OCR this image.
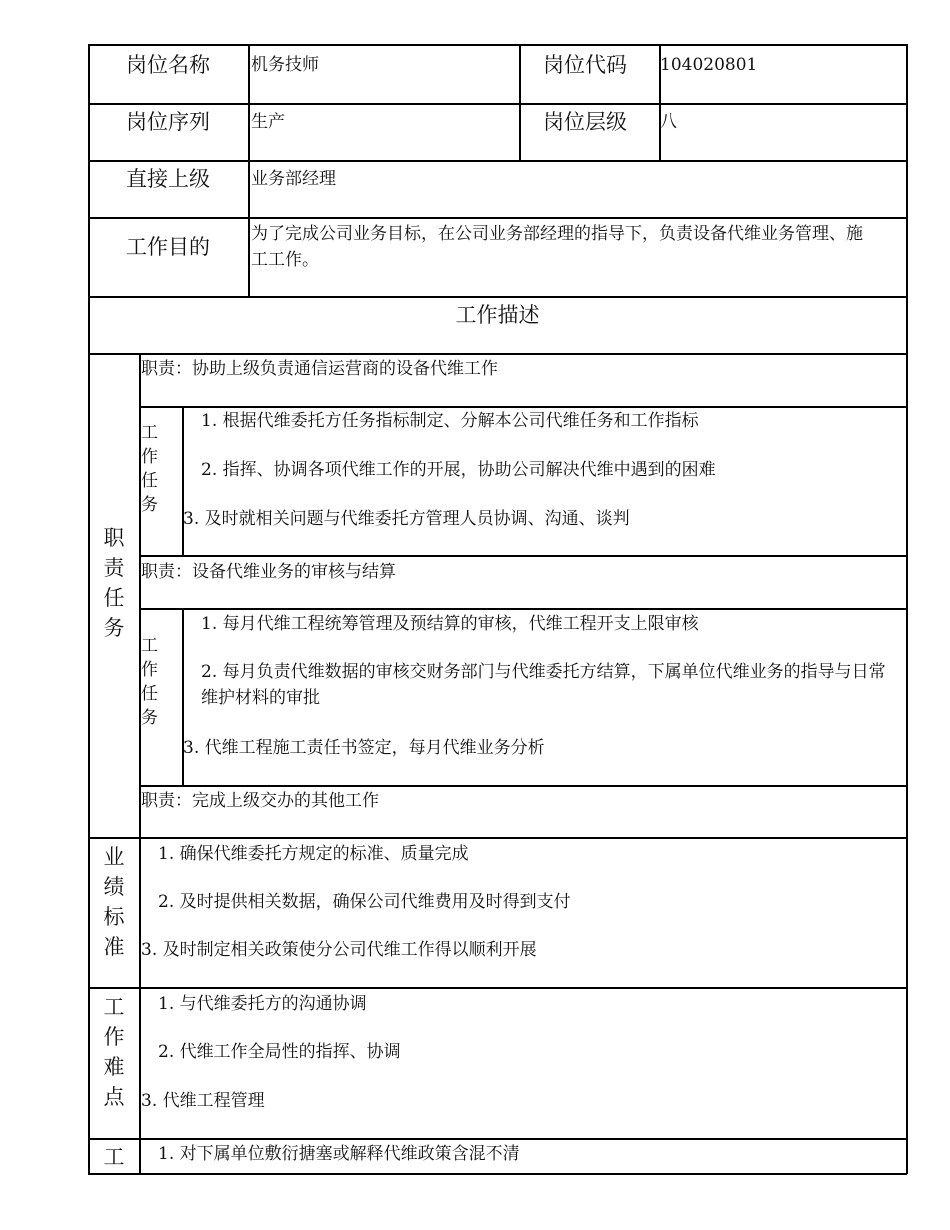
岗位名称 机务技师	岗位代码 104020801
岗位序列 生产	岗位层级 八
直接上级 业务部经理
工作目的
为了完成公司业务目标，在公司业务部经理的指导下，负责设备代维业务管理、施工工作。
工作描述
职责任务
职责：协助上级负责通信运营商的设备代维工作
工作任务
1. 根据代维委托方任务指标制定、分解本公司代维任务和工作指标
2. 指挥、协调各项代维工作的开展，协助公司解决代维中遇到的困难
3. 及时就相关问题与代维委托方管理人员协调、沟通、谈判
职责：设备代维业务的审核与结算
工作任务
1. 每月代维工程统筹管理及预结算的审核，代维工程开支上限审核
2. 每月负责代维数据的审核交财务部门与代维委托方结算，下属单位代维业务的指导与日常维护材料的审批
3. 代维工程施工责任书签定，每月代维业务分析
职责：完成上级交办的其他工作
业绩标准
1. 确保代维委托方规定的标准、质量完成
2. 及时提供相关数据，确保公司代维费用及时得到支付
3. 及时制定相关政策使分公司代维工作得以顺利开展
工作难点
1. 与代维委托方的沟通协调
2. 代维工作全局性的指挥、协调
3. 代维工程管理
工 1. 对下属单位敷衍搪塞或解释代维政策含混不清
